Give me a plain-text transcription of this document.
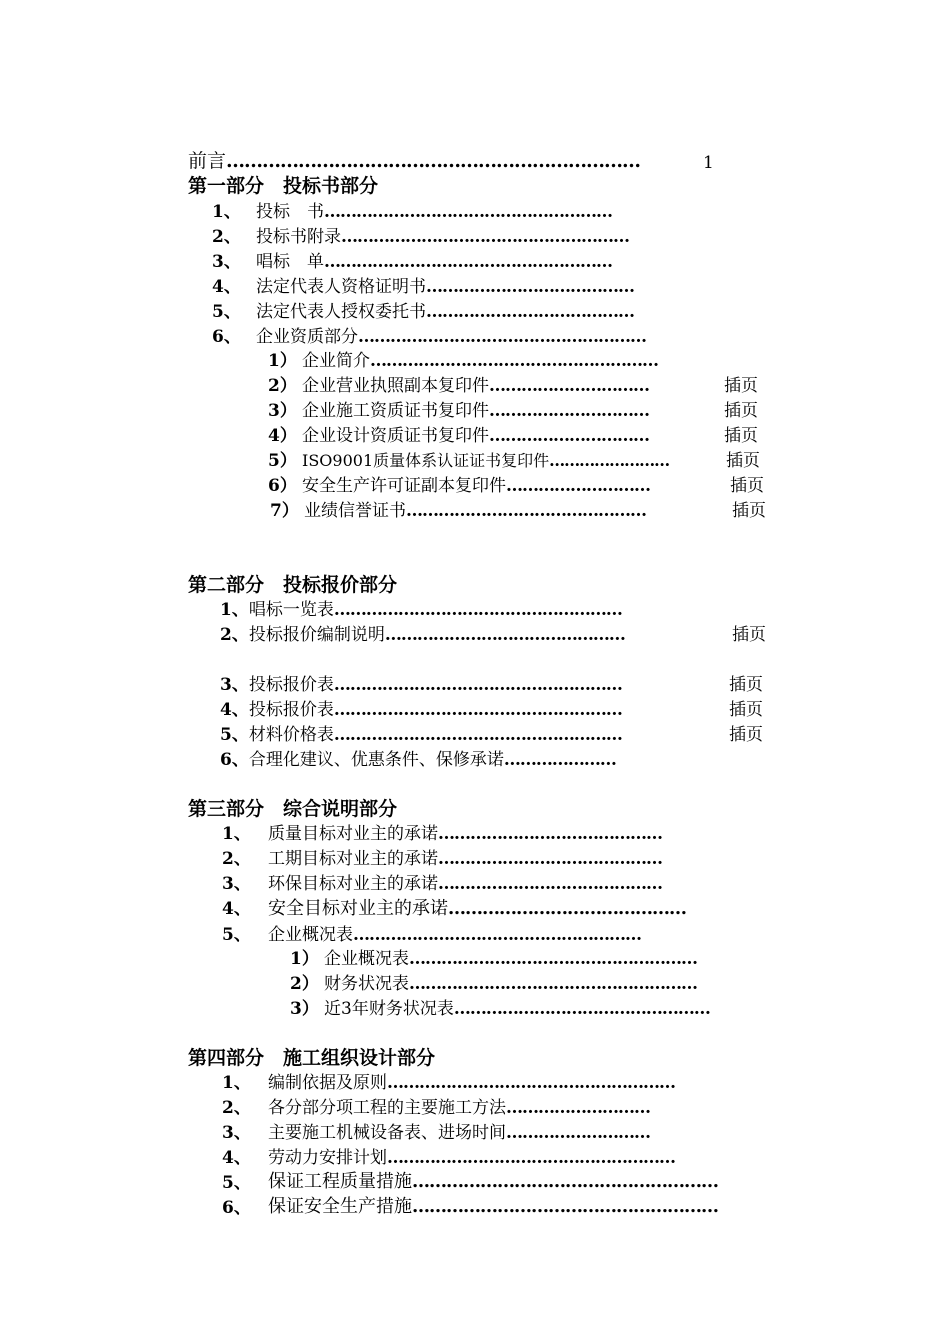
前言……………………………………………………………	1
第一部分　投标书部分
1、 投标　书………………………………………………
2、 投标书附录………………………………………………
3、 唱标　单………………………………………………
4、 法定代表人资格证明书…………………………………
5、 法定代表人授权委托书…………………………………
6、 企业资质部分………………………………………………
1） 企业简介………………………………………………
2） 企业营业执照副本复印件…………………………	插页
3） 企业施工资质证书复印件…………………………	插页
4） 企业设计资质证书复印件…………………………	插页
5） ISO9001质量体系认证证书复印件……………………	插页
6） 安全生产许可证副本复印件………………………	插页
7） 业绩信誉证书………………………………………	插页
第二部分　投标报价部分
1、唱标一览表………………………………………………
2、投标报价编制说明………………………………………	插页
3、投标报价表………………………………………………	插页
4、投标报价表………………………………………………	插页
5、材料价格表………………………………………………	插页
6、合理化建议、优惠条件、保修承诺…………………
第三部分　综合说明部分
1、 质量目标对业主的承诺……………………………………
2、 工期目标对业主的承诺……………………………………
3、 环保目标对业主的承诺……………………………………
4、 安全目标对业主的承诺……………………………………
5、 企业概况表………………………………………………
1） 企业概况表………………………………………………
2） 财务状况表………………………………………………
3） 近3年财务状况表…………………………………………
第四部分　施工组织设计部分
1、 编制依据及原则………………………………………………
2、 各分部分项工程的主要施工方法………………………
3、 主要施工机械设备表、进场时间………………………
4、 劳动力安排计划………………………………………………
5、 保证工程质量措施………………………………………………
6、 保证安全生产措施………………………………………………
